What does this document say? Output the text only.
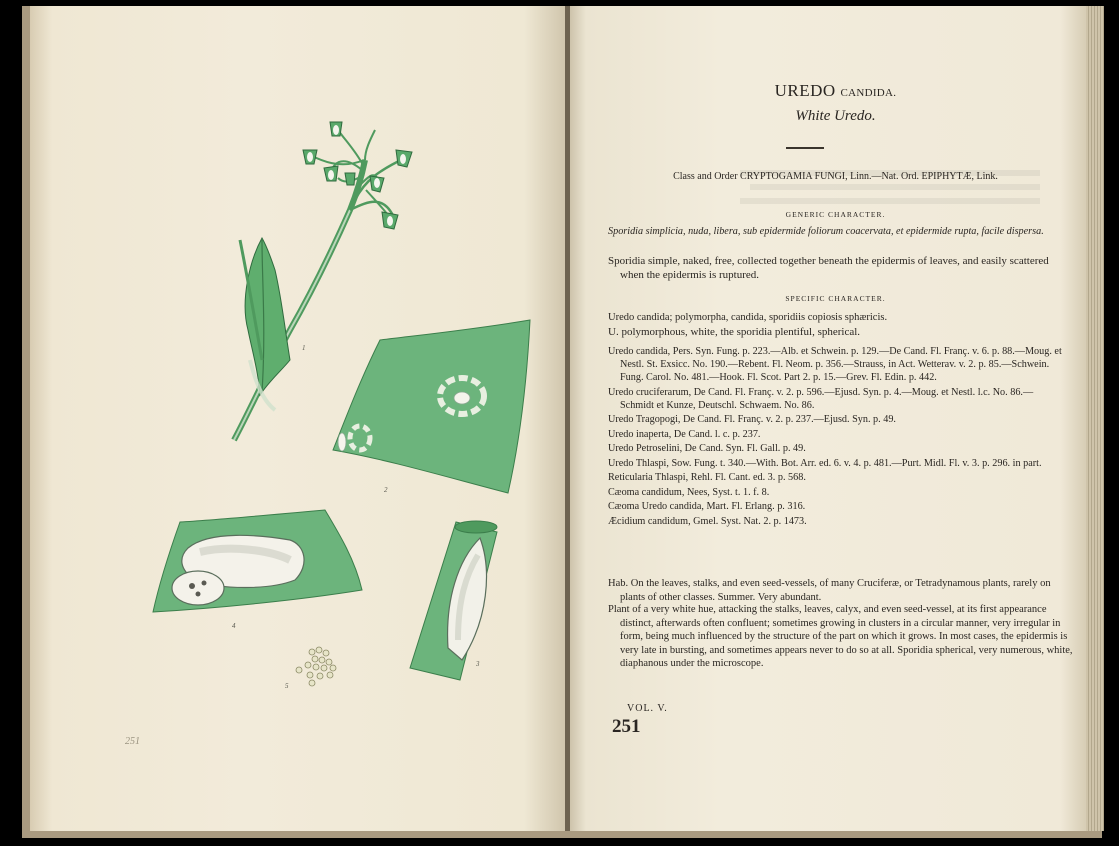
1
2
3
4
5
251
UREDO CANDIDA.
White Uredo.
Class and Order CRYPTOGAMIA FUNGI, Linn.—Nat. Ord. EPIPHYTÆ, Link.
GENERIC CHARACTER.
Sporidia simplicia, nuda, libera, sub epidermide foliorum coacervata, et epidermide rupta, facile dispersa.
Sporidia simple, naked, free, collected together beneath the epidermis of leaves, and easily scattered when the epidermis is ruptured.
SPECIFIC CHARACTER.
Uredo candida; polymorpha, candida, sporidiis copiosis sphæricis.
U. polymorphous, white, the sporidia plentiful, spherical.
Uredo candida, Pers. Syn. Fung. p. 223.—Alb. et Schwein. p. 129.—De Cand. Fl. Franç. v. 6. p. 88.—Moug. et Nestl. St. Exsicc. No. 190.—Rebent. Fl. Neom. p. 356.—Strauss, in Act. Wetterav. v. 2. p. 85.—Schwein. Fung. Carol. No. 481.—Hook. Fl. Scot. Part 2. p. 15.—Grev. Fl. Edin. p. 442.
Uredo cruciferarum, De Cand. Fl. Franç. v. 2. p. 596.—Ejusd. Syn. p. 4.—Moug. et Nestl. l.c. No. 86.—Schmidt et Kunze, Deutschl. Schwaem. No. 86.
Uredo Tragopogi, De Cand. Fl. Franç. v. 2. p. 237.—Ejusd. Syn. p. 49.
Uredo inaperta, De Cand. l. c. p. 237.
Uredo Petroselini, De Cand. Syn. Fl. Gall. p. 49.
Uredo Thlaspi, Sow. Fung. t. 340.—With. Bot. Arr. ed. 6. v. 4. p. 481.—Purt. Midl. Fl. v. 3. p. 296. in part.
Reticularia Thlaspi, Rehl. Fl. Cant. ed. 3. p. 568.
Cæoma candidum, Nees, Syst. t. 1. f. 8.
Cæoma Uredo candida, Mart. Fl. Erlang. p. 316.
Æcidium candidum, Gmel. Syst. Nat. 2. p. 1473.
Hab. On the leaves, stalks, and even seed-vessels, of many Cruciferæ, or Tetradynamous plants, rarely on plants of other classes. Summer. Very abundant.
Plant of a very white hue, attacking the stalks, leaves, calyx, and even seed-vessel, at its first appearance distinct, afterwards often confluent; sometimes growing in clusters in a circular manner, very irregular in form, being much influenced by the structure of the part on which it grows. In most cases, the epidermis is very late in bursting, and sometimes appears never to do so at all. Sporidia spherical, very numerous, white, diaphanous under the microscope.
VOL. V.
251
